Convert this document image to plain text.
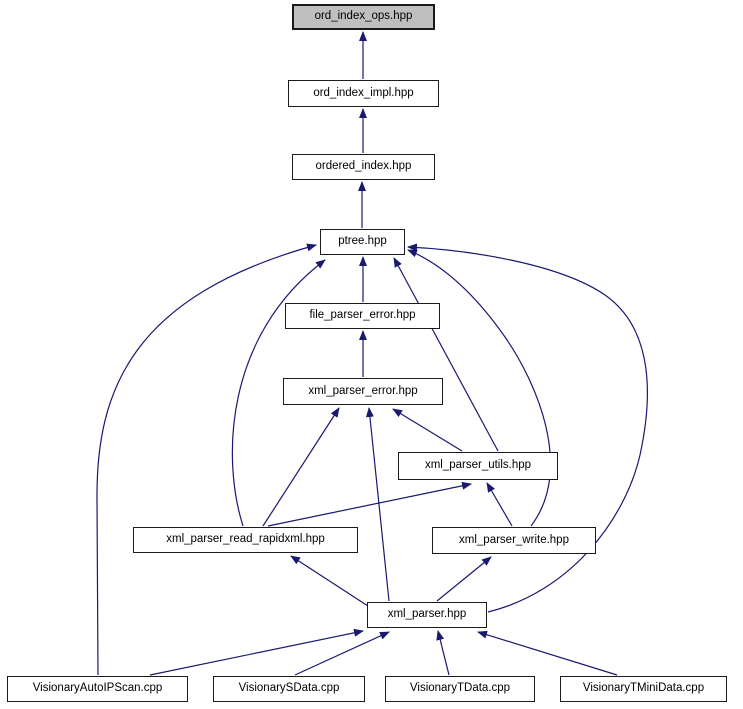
ord_index_ops.hpp
ord_index_impl.hpp
ordered_index.hpp
ptree.hpp
file_parser_error.hpp
xml_parser_error.hpp
xml_parser_utils.hpp
xml_parser_read_rapidxml.hpp	xml_parser_write.hpp
xml_parser.hpp
VisionaryAutoIPScan.cpp	VisionarySData.cpp	VisionaryTData.cpp	VisionaryTMiniData.cpp
